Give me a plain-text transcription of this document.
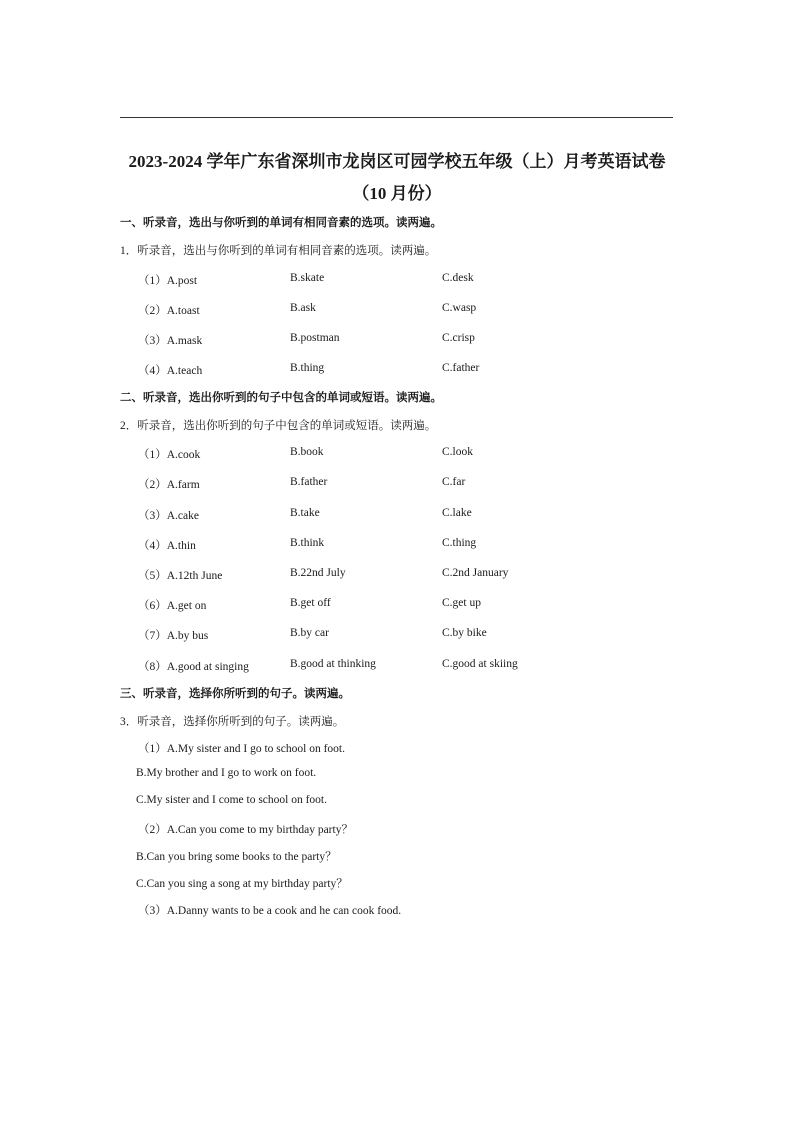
2023-2024 学年广东省深圳市龙岗区可园学校五年级（上）月考英语试卷
（10 月份）
一、听录音，选出与你听到的单词有相同音素的选项。读两遍。
1．听录音，选出与你听到的单词有相同音素的选项。读两遍。
（1）A.post	B.skate	C.desk
（2）A.toast	B.ask	C.wasp
（3）A.mask	B.postman	C.crisp
（4）A.teach	B.thing	C.father
二、听录音，选出你听到的句子中包含的单词或短语。读两遍。
2．听录音，选出你听到的句子中包含的单词或短语。读两遍。
（1）A.cook	B.book	C.look
（2）A.farm	B.father	C.far
（3）A.cake	B.take	C.lake
（4）A.thin	B.think	C.thing
（5）A.12th June	B.22nd July	C.2nd January
（6）A.get on	B.get off	C.get up
（7）A.by bus	B.by car	C.by bike
（8）A.good at singing	B.good at thinking	C.good at skiing
三、听录音，选择你所听到的句子。读两遍。
3．听录音，选择你所听到的句子。读两遍。
（1）A.My sister and I go to school on foot.
B.My brother and I go to work on foot.
C.My sister and I come to school on foot.
（2）A.Can you come to my birthday party？
B.Can you bring some books to the party？
C.Can you sing a song at my birthday party？
（3）A.Danny wants to be a cook and he can cook food.
